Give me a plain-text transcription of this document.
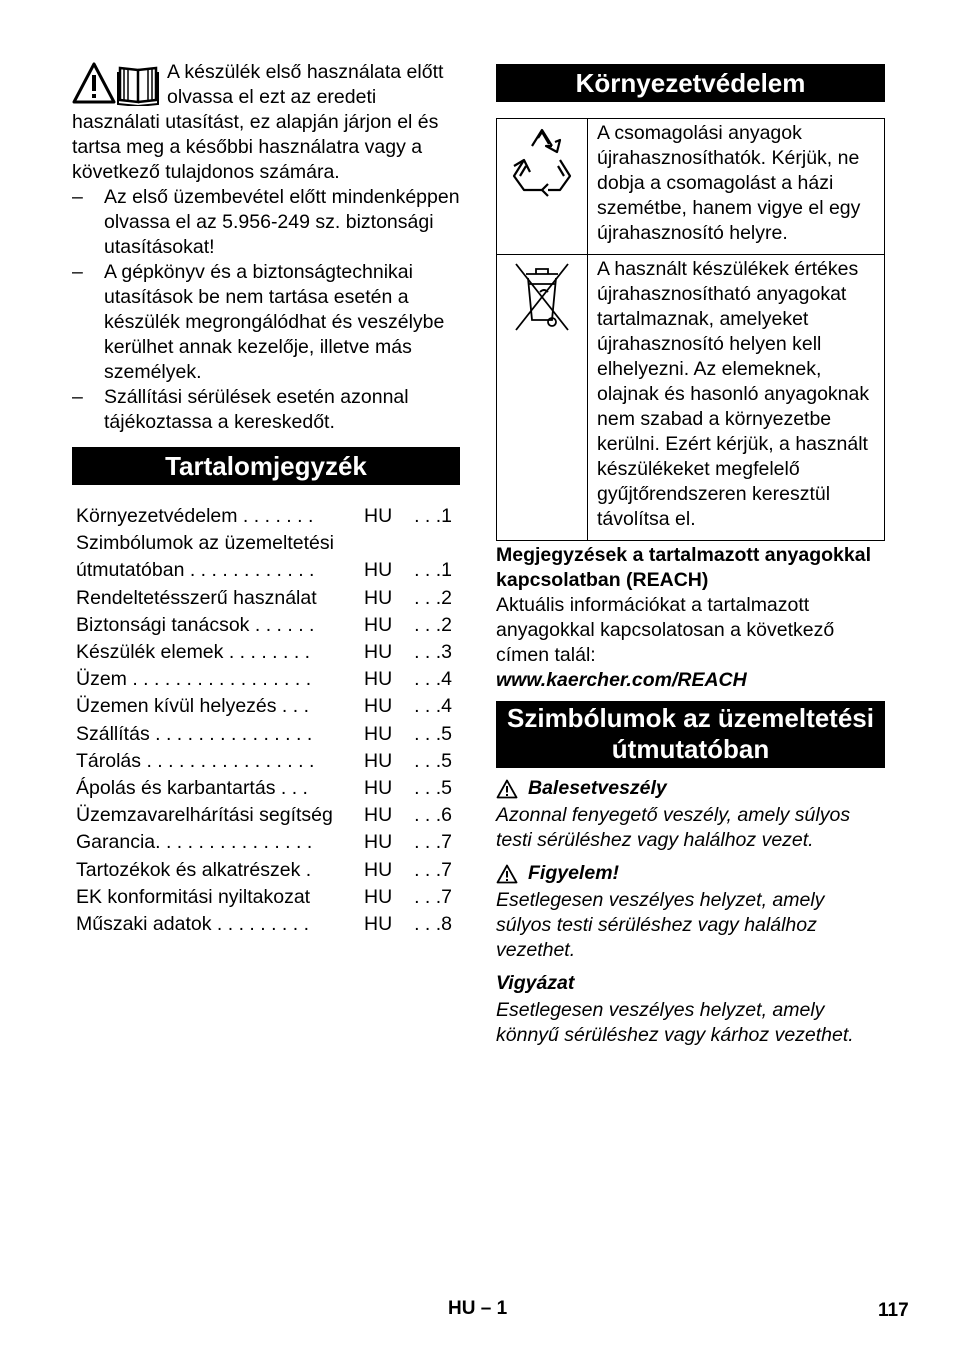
A készülék első használata előtt olvassa el ezt az eredeti használati utasítást, ez alapján járjon el és tartsa meg a későbbi használatra vagy a következő tulajdonos számára.

– Az első üzembevétel előtt mindenképpen olvassa el az 5.956-249 sz. biztonsági utasításokat!
– A gépkönyv és a biztonságtechnikai utasítások be nem tartása esetén a készülék megrongálódhat és veszélybe kerülhet annak kezelője, illetve más személyek.
– Szállítási sérülések esetén azonnal tájékoztassa a kereskedőt.
Tartalomjegyzék
Környezetvédelem . . . . . . .	HU	. . .1
Szimbólumok az üzemeltetési
útmutatóban . . . . . . . . . . . .	HU	. . .1
Rendeltetésszerű használat	HU	. . .2
Biztonsági tanácsok . . . . . .	HU	. . .2
Készülék elemek . . . . . . . .	HU	. . .3
Üzem . . . . . . . . . . . . . . . . .	HU	. . .4
Üzemen kívül helyezés . . .	HU	. . .4
Szállítás . . . . . . . . . . . . . . .	HU	. . .5
Tárolás . . . . . . . . . . . . . . . .	HU	. . .5
Ápolás és karbantartás . . .	HU	. . .5
Üzemzavarelhárítási segítség	HU	. . .6
Garancia. . . . . . . . . . . . . . .	HU	. . .7
Tartozékok és alkatrészek .	HU	. . .7
EK konformitási nyiltakozat	HU	. . .7
Műszaki adatok . . . . . . . . .	HU	. . .8
Környezetvédelem
	A csomagolási anyagok újrahasznosíthatók. Kérjük, ne dobja a csomagolást a házi szemétbe, hanem vigye el egy újrahasznosító helyre.
	A használt készülékek értékes újrahasznosítható anyagokat tartalmaznak, amelyeket újrahasznosító helyen kell elhelyezni. Az elemeknek, olajnak és hasonló anyagoknak nem szabad a környezetbe kerülni. Ezért kérjük, a használt készülékeket megfelelő gyűjtőrendszeren keresztül távolítsa el.
Megjegyzések a tartalmazott anyagokkal kapcsolatban (REACH)
Aktuális információkat a tartalmazott anyagokkal kapcsolatosan a következő címen talál:
www.kaercher.com/REACH
Szimbólumok az üzemeltetési útmutatóban
Balesetveszély

Azonnal fenyegető veszély, amely súlyos testi sérüléshez vagy halálhoz vezet.

Figyelem!

Esetlegesen veszélyes helyzet, amely súlyos testi sérüléshez vagy halálhoz vezethet.

Vigyázat

Esetlegesen veszélyes helyzet, amely könnyű sérüléshez vagy kárhoz vezethet.

HU – 1	117
